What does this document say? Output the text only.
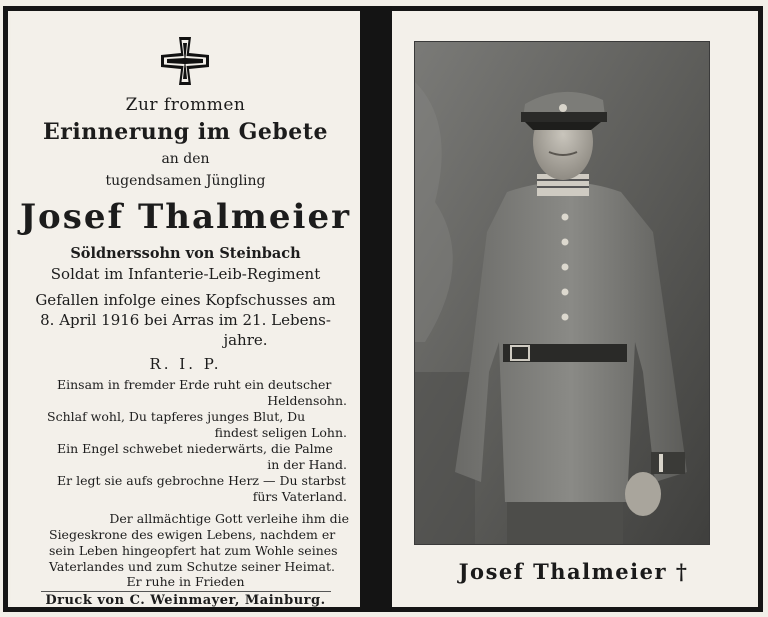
Zur frommen
Erinnerung im Gebete
an den
tugendsamen Jüngling
Josef Thalmeier
Söldnerssohn von Steinbach
Soldat im Infanterie-Leib-Regiment
Gefallen infolge eines Kopfschusses am
8. April 1916 bei Arras im 21. Lebens-
jahre.
R. I. P.
Einsam in fremder Erde ruht ein deutscher
Heldensohn.
Schlaf wohl, Du tapferes junges Blut, Du
findest seligen Lohn.
Ein Engel schwebet niederwärts, die Palme
in der Hand.
Er legt sie aufs gebrochne Herz — Du starbst
fürs Vaterland.
Der allmächtige Gott verleihe ihm die
Siegeskrone des ewigen Lebens, nachdem er
sein Leben hingeopfert hat zum Wohle seines
Vaterlandes und zum Schutze seiner Heimat.
Er ruhe in Frieden
Druck von C. Weinmayer, Mainburg.
Josef Thalmeier †
